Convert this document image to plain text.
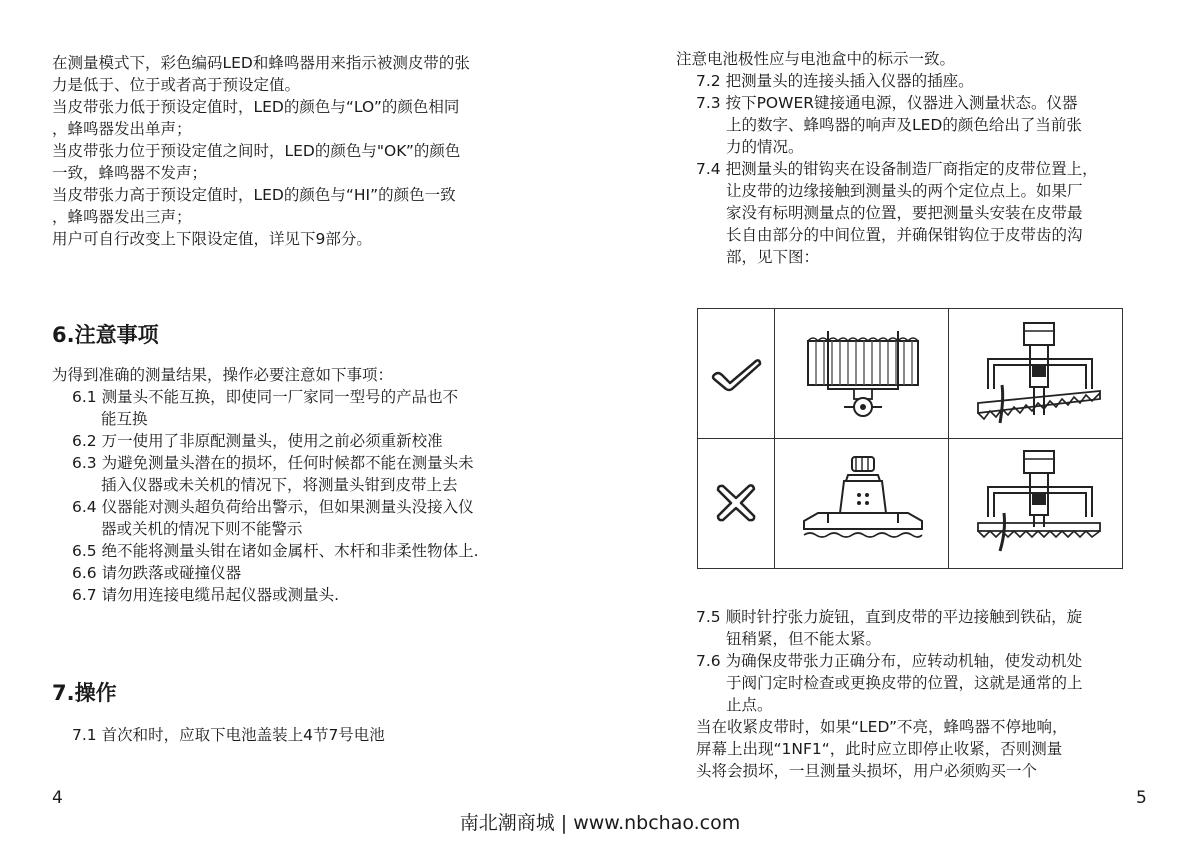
在测量模式下，彩色编码LED和蜂鸣器用来指示被测皮带的张

力是低于、位于或者高于预设定值。

当皮带张力低于预设定值时，LED的颜色与“LO”的颜色相同

，蜂鸣器发出单声；

当皮带张力位于预设定值之间时，LED的颜色与"OK”的颜色

一致，蜂鸣器不发声；

当皮带张力高于预设定值时，LED的颜色与“HI”的颜色一致

，蜂鸣器发出三声；

用户可自行改变上下限设定值，详见下9部分。

6.注意事项

为得到准确的测量结果，操作必要注意如下事项：

6.1 测量头不能互换，即使同一厂家同一型号的产品也不

能互换

6.2 万一使用了非原配测量头，使用之前必须重新校准

6.3 为避免测量头潜在的损坏，任何时候都不能在测量头未

插入仪器或未关机的情况下，将测量头钳到皮带上去

6.4 仪器能对测头超负荷给出警示，但如果测量头没接入仪

器或关机的情况下则不能警示

6.5 绝不能将测量头钳在诸如金属杆、木杆和非柔性物体上.

6.6 请勿跌落或碰撞仪器

6.7 请勿用连接电缆吊起仪器或测量头.

7.操作

7.1 首次和时，应取下电池盖装上4节7号电池

4

注意电池极性应与电池盒中的标示一致。

7.2 把测量头的连接头插入仪器的插座。

7.3 按下POWER键接通电源，仪器进入测量状态。仪器

上的数字、蜂鸣器的响声及LED的颜色给出了当前张

力的情况。

7.4 把测量头的钳钩夹在设备制造厂商指定的皮带位置上，

让皮带的边缘接触到测量头的两个定位点上。如果厂

家没有标明测量点的位置，要把测量头安装在皮带最

长自由部分的中间位置，并确保钳钩位于皮带齿的沟

部，见下图：

7.5 顺时针拧张力旋钮，直到皮带的平边接触到铁砧，旋

钮稍紧，但不能太紧。

7.6 为确保皮带张力正确分布，应转动机轴，使发动机处

于阀门定时检查或更换皮带的位置，这就是通常的上

止点。

当在收紧皮带时，如果“LED”不亮，蜂鸣器不停地响，

屏幕上出现“1NF1“，此时应立即停止收紧，否则测量

头将会损坏，一旦测量头损坏，用户必须购买一个

5
南北潮商城 | www.nbchao.com
